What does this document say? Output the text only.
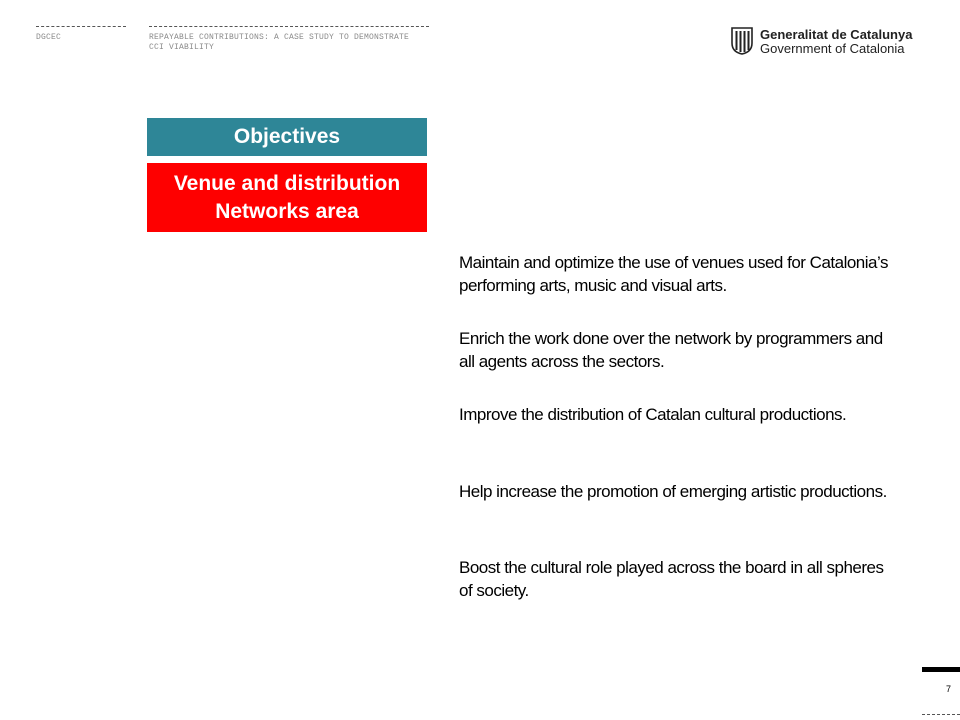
DGCEC	REPAYABLE CONTRIBUTIONS: A CASE STUDY TO DEMONSTRATE CCI VIABILITY
Generalitat de Catalunya
Government of Catalonia
Objectives
Venue and distribution
Networks area
Maintain and optimize the use of venues used for Catalonia’s performing arts, music and visual arts.
Enrich the work done over the network by programmers and all agents across the sectors.
Improve the distribution of Catalan cultural productions.
Help increase the promotion of emerging artistic productions.
Boost the cultural role played across the board in all spheres of society.
7
